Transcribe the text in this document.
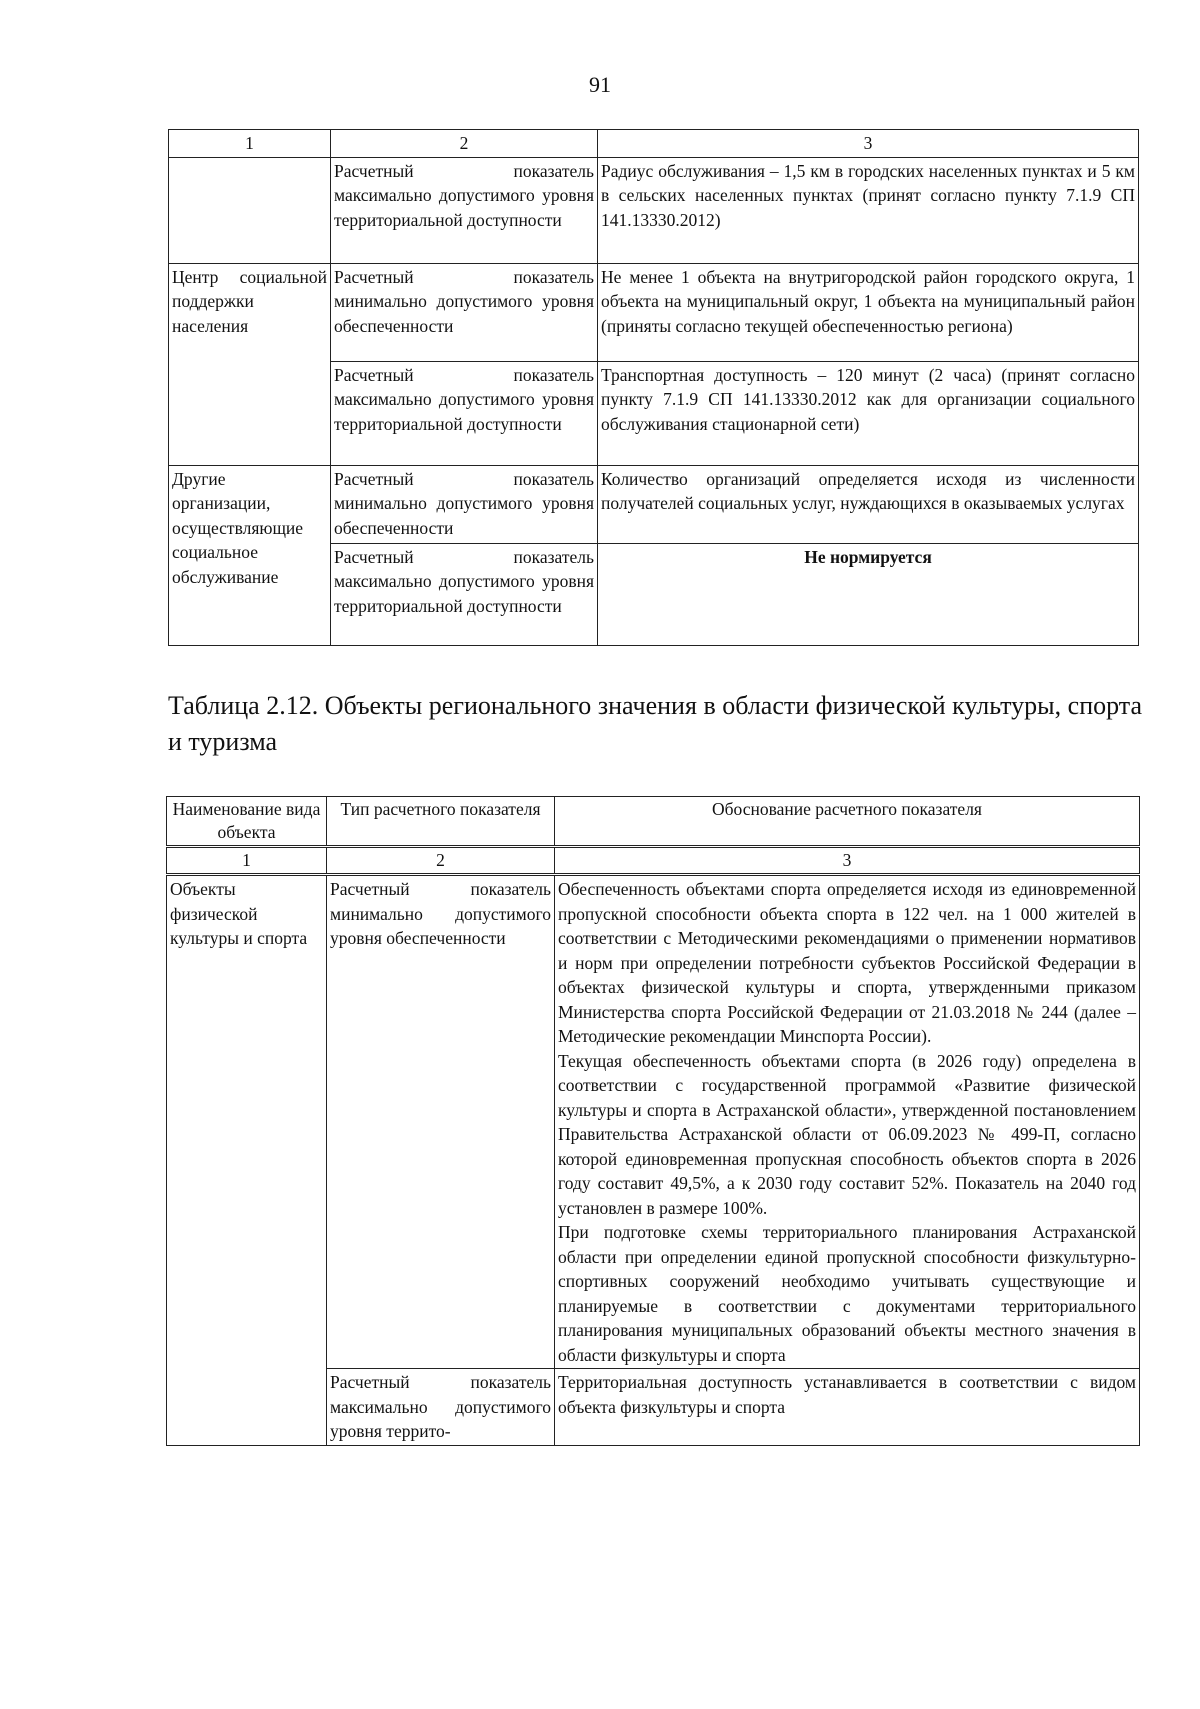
91
1	2	3
	Расчетный показатель максимально допустимого уровня территориальной доступности	Радиус обслуживания – 1,5 км в городских населенных пунктах и 5 км в сельских населенных пунктах (принят согласно пункту 7.1.9 СП 141.13330.2012)
Центр социальной поддержки населения	Расчетный показатель минимально допустимого уровня обеспеченности	Не менее 1 объекта на внутригородской район городского округа, 1 объекта на муниципальный округ, 1 объекта на муниципальный район (приняты согласно текущей обеспеченностью региона)
	Расчетный показатель максимально допустимого уровня территориальной доступности	Транспортная доступность – 120 минут (2 часа) (принят согласно пункту 7.1.9 СП 141.13330.2012 как для организации социального обслуживания стационарной сети)
Другие организации, осуществляющие социальное обслуживание	Расчетный показатель минимально допустимого уровня обеспеченности	Количество организаций определяется исходя из численности получателей социальных услуг, нуждающихся в оказываемых услугах
	Расчетный показатель максимально допустимого уровня территориальной доступности	Не нормируется
Таблица 2.12. Объекты регионального значения в области физической культуры, спорта и туризма
Наименование вида объекта	Тип расчетного показателя	Обоснование расчетного показателя
1	2	3
Объекты физической культуры и спорта	Расчетный показатель минимально допустимого уровня обеспеченности	Обеспеченность объектами спорта определяется исходя из единовременной пропускной способности объекта спорта в 122 чел. на 1 000 жителей в соответствии с Методическими рекомендациями о применении нормативов и норм при определении потребности субъектов Российской Федерации в объектах физической культуры и спорта, утвержденными приказом Министерства спорта Российской Федерации от 21.03.2018 № 244 (далее – Методические рекомендации Минспорта России).

Текущая обеспеченность объектами спорта (в 2026 году) определена в соответствии с государственной программой «Развитие физической культуры и спорта в Астраханской области», утвержденной постановлением Правительства Астраханской области от 06.09.2023 № 499-П, согласно которой единовременная пропускная способность объектов спорта в 2026 году составит 49,5%, а к 2030 году составит 52%. Показатель на 2040 год установлен в размере 100%.

При подготовке схемы территориального планирования Астраханской области при определении единой пропускной способности физкультурно-спортивных сооружений необходимо учитывать существующие и планируемые в соответствии с документами территориального планирования муниципальных образований объекты местного значения в области физкультуры и спорта

	Расчетный показатель максимально допустимого уровня террито-	Территориальная доступность устанавливается в соответствии с видом объекта физкультуры и спорта
